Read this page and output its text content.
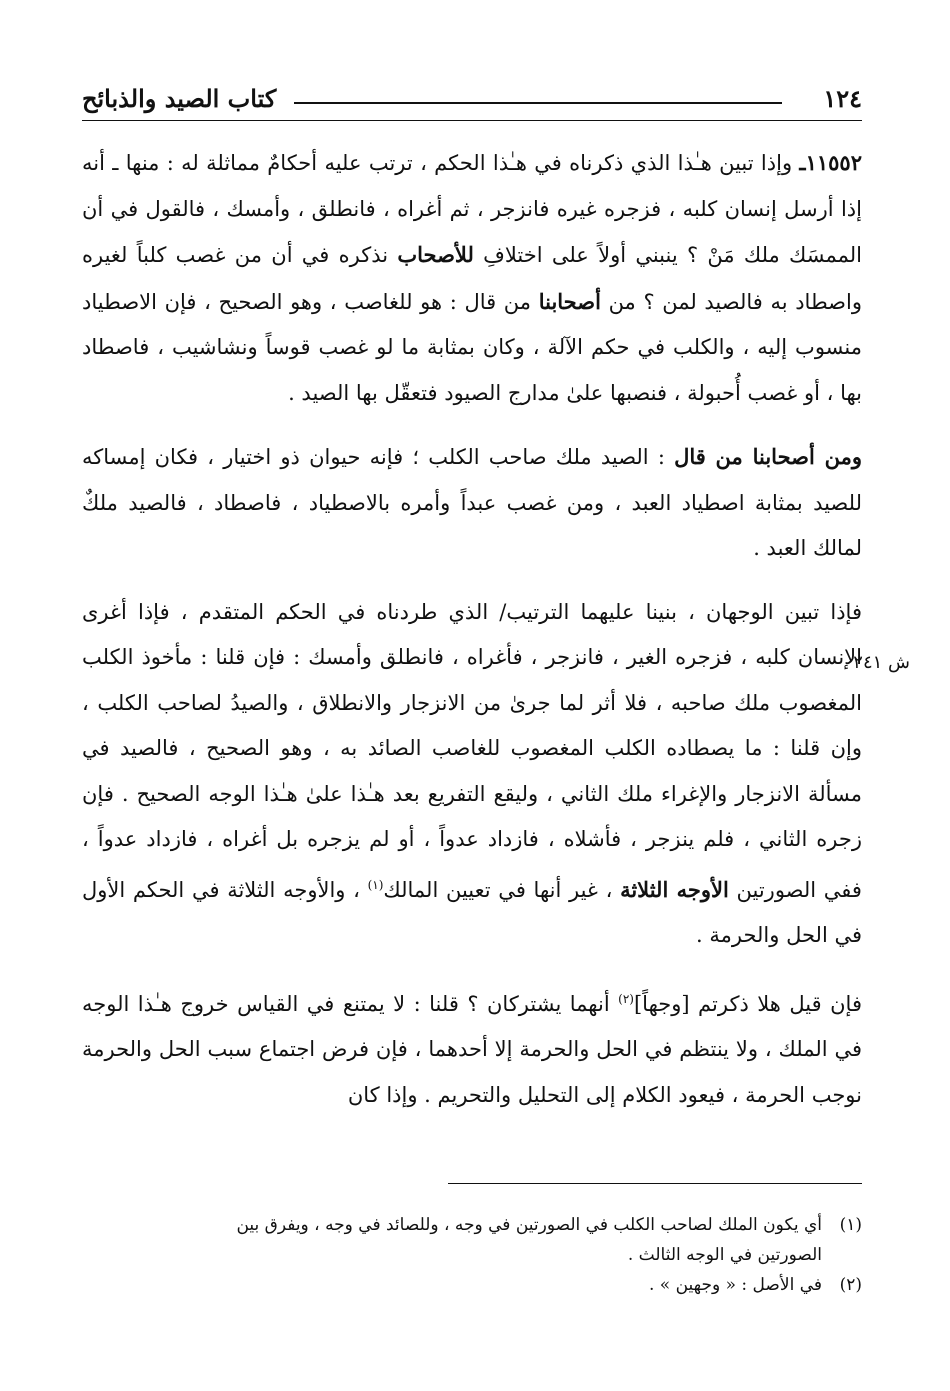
١٢٤
كتاب الصيد والذبائح
ش ٢٤١

١١٥٥٢ـ وإذا تبين هـٰذا الذي ذكرناه في هـٰذا الحكم ، ترتب عليه أحكامٌ مماثلة له : منها ـ أنه إذا أرسل إنسان كلبه ، فزجره غيره فانزجر ، ثم أغراه ، فانطلق ، وأمسك ، فالقول في أن الممسَك ملك مَنْ ؟ ينبني أولاً على اختلافِ للأصحاب نذكره في أن من غصب كلباً لغيره واصطاد به فالصيد لمن ؟ من أصحابنا من قال : هو للغاصب ، وهو الصحيح ، فإن الاصطياد منسوب إليه ، والكلب في حكم الآلة ، وكان بمثابة ما لو غصب قوساً ونشاشيب ، فاصطاد بها ، أو غصب أُحبولة ، فنصبها علىٰ مدارج الصيود فتعقّل بها الصيد .

ومن أصحابنا من قال : الصيد ملك صاحب الكلب ؛ فإنه حيوان ذو اختيار ، فكان إمساكه للصيد بمثابة اصطياد العبد ، ومن غصب عبداً وأمره بالاصطياد ، فاصطاد ، فالصيد ملكٌ لمالك العبد .

فإذا تبين الوجهان ، بنينا عليهما الترتيب/ الذي طردناه في الحكم المتقدم ، فإذا أغرى الإنسان كلبه ، فزجره الغير ، فانزجر ، فأغراه ، فانطلق وأمسك : فإن قلنا : مأخوذ الكلب المغصوب ملك صاحبه ، فلا أثر لما جرىٰ من الانزجار والانطلاق ، والصيدُ لصاحب الكلب ، وإن قلنا : ما يصطاده الكلب المغصوب للغاصب الصائد به ، وهو الصحيح ، فالصيد في مسألة الانزجار والإغراء ملك الثاني ، وليقع التفريع بعد هـٰذا علىٰ هـٰذا الوجه الصحيح . فإن زجره الثاني ، فلم ينزجر ، فأشلاه ، فازداد عدواً ، أو لم يزجره بل أغراه ، فازداد عدواً ، ففي الصورتين الأوجه الثلاثة ، غير أنها في تعيين المالك$^{(١)}$ ، والأوجه الثلاثة في الحكم الأول في الحل والحرمة .

فإن قيل هلا ذكرتم [وجهاً]$^{(٢)}$ أنهما يشتركان ؟ قلنا : لا يمتنع في القياس خروج هـٰذا الوجه في الملك ، ولا ينتظم في الحل والحرمة إلا أحدهما ، فإن فرض اجتماع سبب الحل والحرمة نوجب الحرمة ، فيعود الكلام إلى التحليل والتحريم . وإذا كان

(١)أي يكون الملك لصاحب الكلب في الصورتين في وجه ، وللصائد في وجه ، ويفرق بين

الصورتين في الوجه الثالث .

(٢)في الأصل : « وجهين » .
